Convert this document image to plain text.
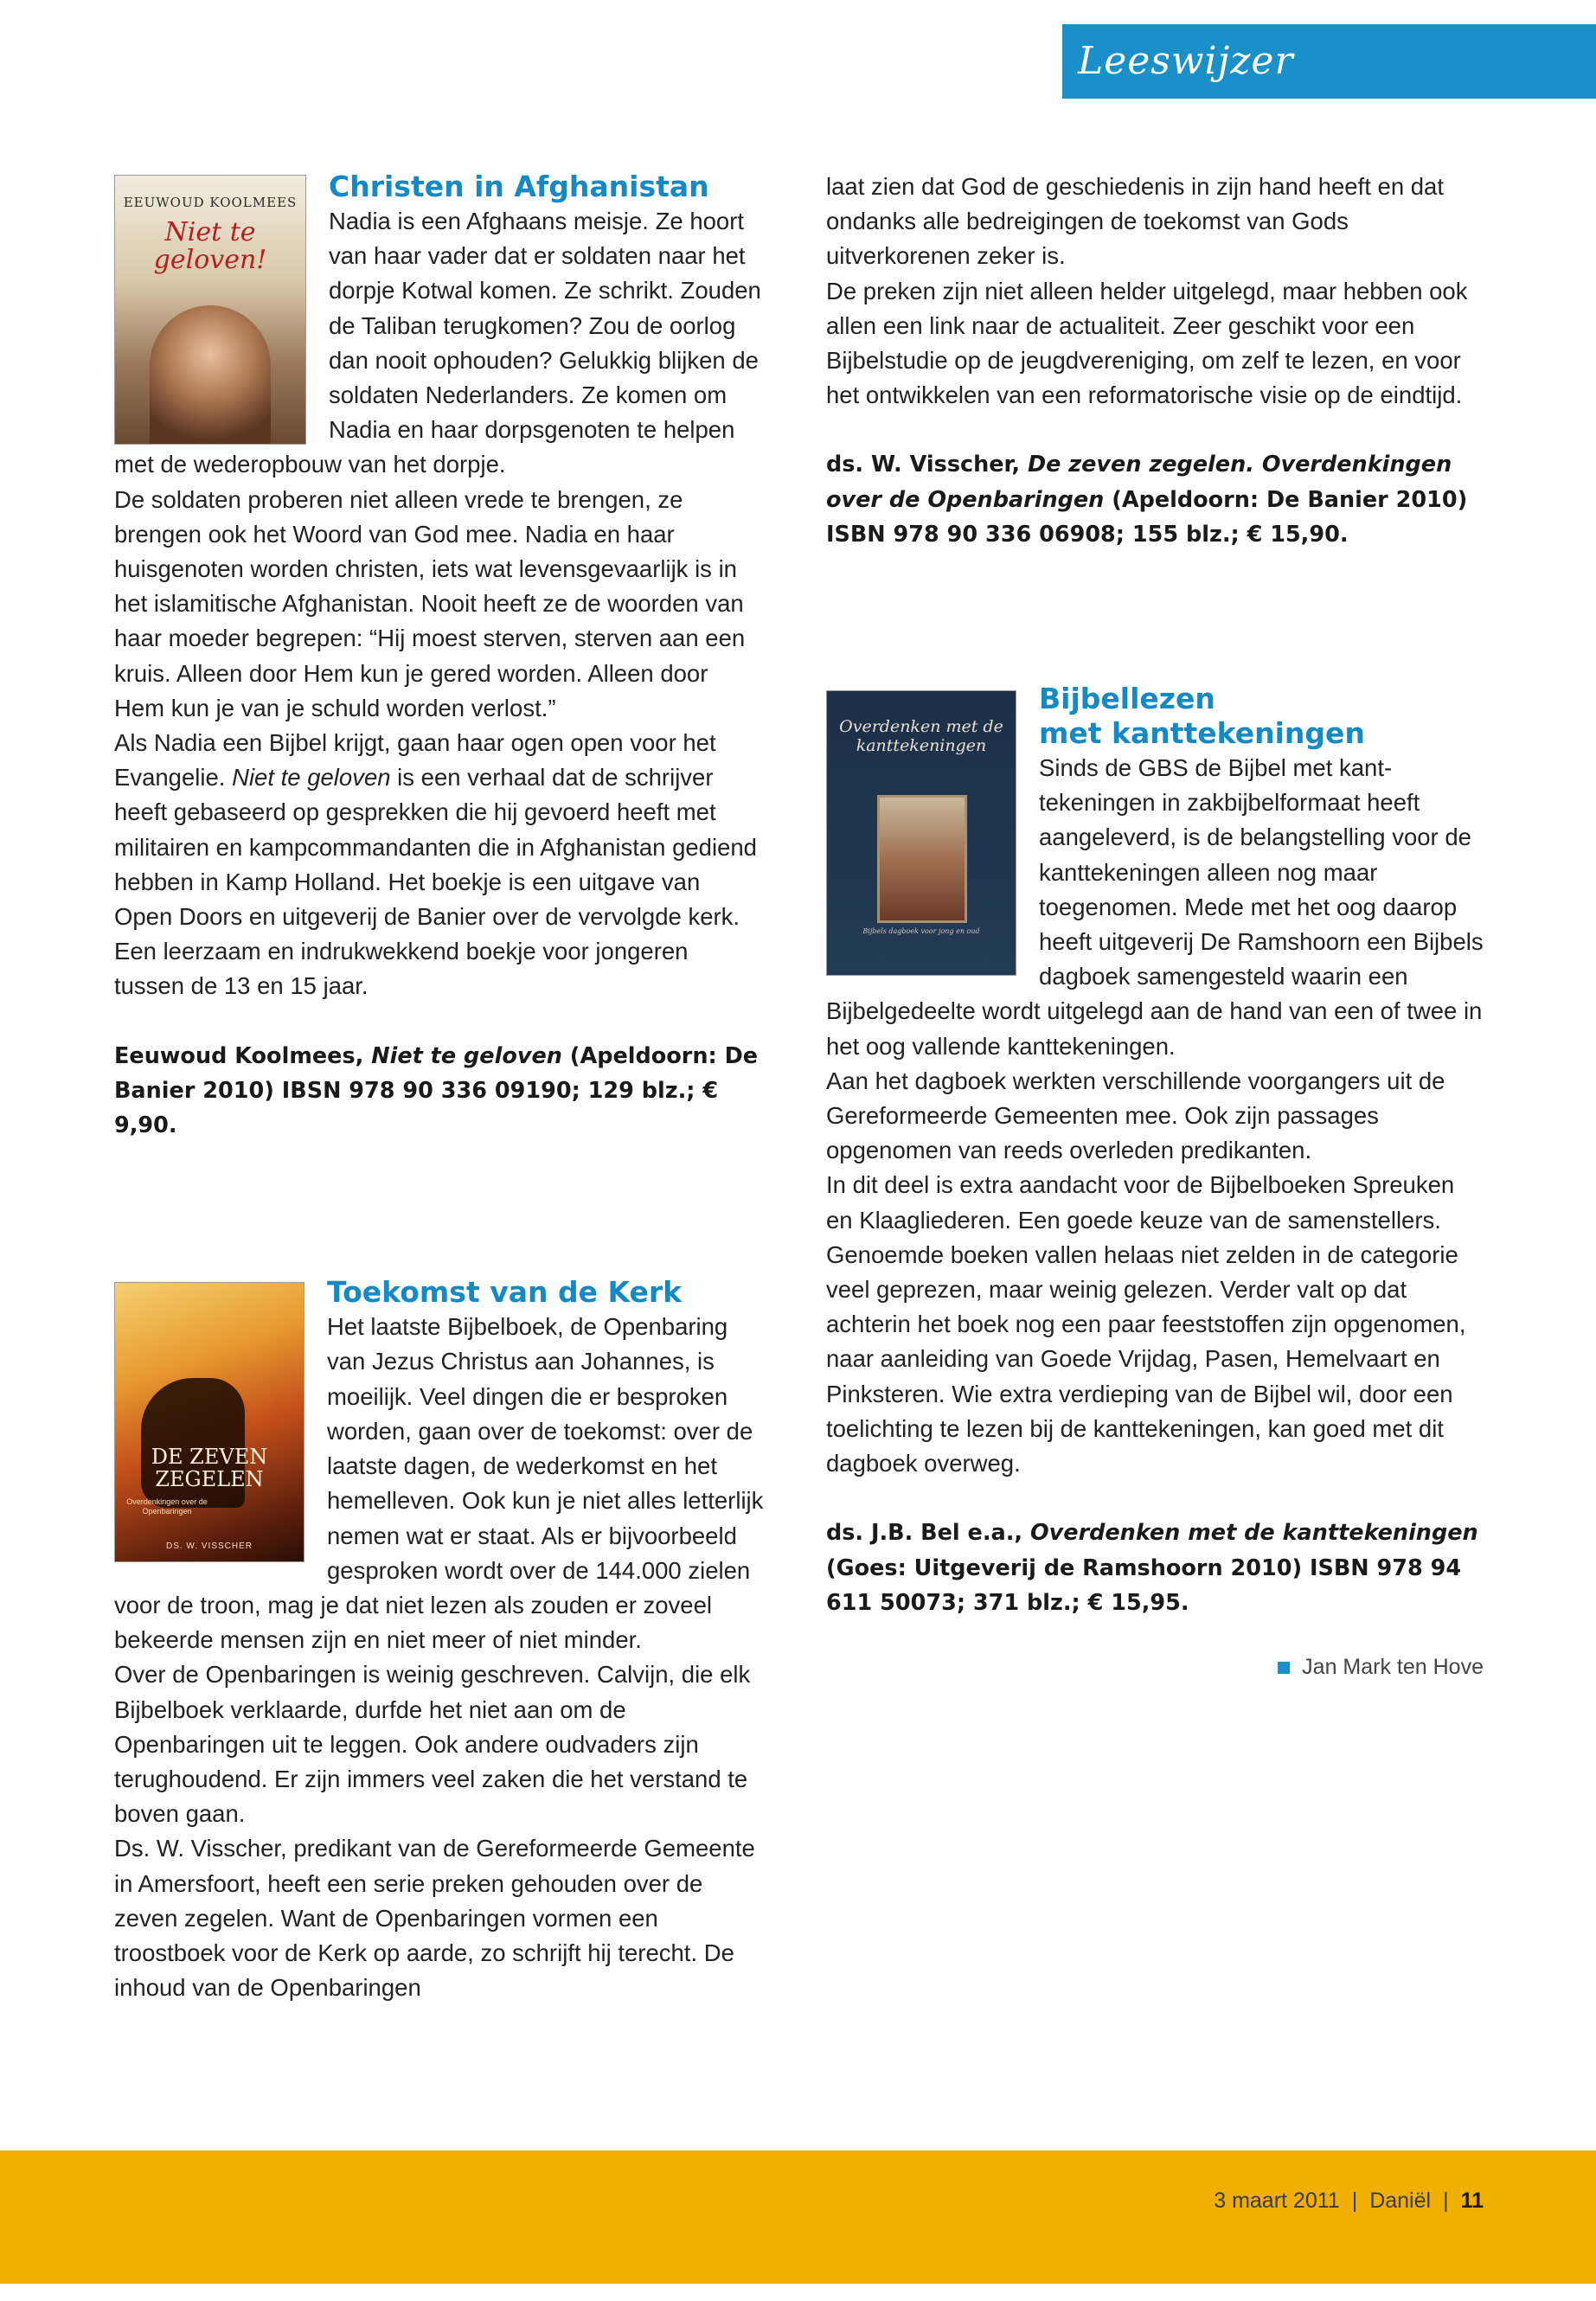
Leeswijzer
EEUWOUD KOOLMEES
Niet te geloven!
Christen in Afghanistan

Nadia is een Afghaans meisje. Ze hoort van haar vader dat er soldaten naar het dorpje Kotwal komen. Ze schrikt. Zouden de Taliban terugkomen? Zou de oorlog dan nooit ophouden? Gelukkig blijken de soldaten Nederlanders. Ze komen om Nadia en haar dorpsgenoten te helpen met de wederopbouw van het dorpje.

De soldaten proberen niet alleen vrede te brengen, ze brengen ook het Woord van God mee. Nadia en haar huisgenoten worden christen, iets wat levensgevaarlijk is in het islamitische Afghanistan. Nooit heeft ze de woorden van haar moeder begrepen: “Hij moest sterven, sterven aan een kruis. Alleen door Hem kun je gered worden. Alleen door Hem kun je van je schuld worden verlost.”

Als Nadia een Bijbel krijgt, gaan haar ogen open voor het Evangelie. Niet te geloven is een verhaal dat de schrijver heeft gebaseerd op gesprekken die hij gevoerd heeft met militairen en kampcommandanten die in Afghanistan gediend hebben in Kamp Holland. Het boekje is een uitgave van Open Doors en uitgeverij de Banier over de vervolgde kerk. Een leerzaam en indrukwekkend boekje voor jongeren tussen de 13 en 15 jaar.

Eeuwoud Koolmees, Niet te geloven (Apeldoorn: De Banier 2010) IBSN 978 90 336 09190; 129 blz.; € 9,90.

DE ZEVEN ZEGELEN
Overdenkingen over de Openbaringen
DS. W. VISSCHER
Toekomst van de Kerk

Het laatste Bijbelboek, de Openbaring van Jezus Christus aan Johannes, is moeilijk. Veel dingen die er besproken worden, gaan over de toekomst: over de laatste dagen, de wederkomst en het hemelleven. Ook kun je niet alles letterlijk nemen wat er staat. Als er bijvoorbeeld gesproken wordt over de 144.000 zielen voor de troon, mag je dat niet lezen als zouden er zoveel bekeerde mensen zijn en niet meer of niet minder.

Over de Openbaringen is weinig geschreven. Calvijn, die elk Bijbelboek verklaarde, durfde het niet aan om de Openbaringen uit te leggen. Ook andere oudvaders zijn terughoudend. Er zijn immers veel zaken die het verstand te boven gaan.

Ds. W. Visscher, predikant van de Gereformeerde Gemeente in Amersfoort, heeft een serie preken gehouden over de zeven zegelen. Want de Openbaringen vormen een troostboek voor de Kerk op aarde, zo schrijft hij terecht. De inhoud van de Openbaringen

laat zien dat God de geschiedenis in zijn hand heeft en dat ondanks alle bedreigingen de toekomst van Gods uitverkorenen zeker is.

De preken zijn niet alleen helder uitgelegd, maar hebben ook allen een link naar de actualiteit. Zeer geschikt voor een Bijbelstudie op de jeugdvereniging, om zelf te lezen, en voor het ontwikkelen van een reformatorische visie op de eindtijd.

ds. W. Visscher, De zeven zegelen. Overdenkingen over de Openbaringen (Apeldoorn: De Banier 2010) ISBN 978 90 336 06908; 155 blz.; € 15,90.

Overdenken met de kanttekeningen
Bijbels dagboek voor jong en oud
Bijbellezen
met kanttekeningen

Sinds de GBS de Bijbel met kanttekeningen in zakbijbelformaat heeft aangeleverd, is de belangstelling voor de kanttekeningen alleen nog maar toegenomen. Mede met het oog daarop heeft uitgeverij De Ramshoorn een Bijbels dagboek samengesteld waarin een Bijbelgedeelte wordt uitgelegd aan de hand van een of twee in het oog vallende kanttekeningen.

Aan het dagboek werkten verschillende voorgangers uit de Gereformeerde Gemeenten mee. Ook zijn passages opgenomen van reeds overleden predikanten.

In dit deel is extra aandacht voor de Bijbelboeken Spreuken en Klaagliederen. Een goede keuze van de samenstellers. Genoemde boeken vallen helaas niet zelden in de categorie veel geprezen, maar weinig gelezen. Verder valt op dat achterin het boek nog een paar feeststoffen zijn opgenomen, naar aanleiding van Goede Vrijdag, Pasen, Hemelvaart en Pinksteren. Wie extra verdieping van de Bijbel wil, door een toelichting te lezen bij de kanttekeningen, kan goed met dit dagboek overweg.

ds. J.B. Bel e.a., Overdenken met de kanttekeningen (Goes: Uitgeverij de Ramshoorn 2010) ISBN 978 94 611 50073; 371 blz.; € 15,95.

Jan Mark ten Hove

3 maart 2011 | Daniël | 11
